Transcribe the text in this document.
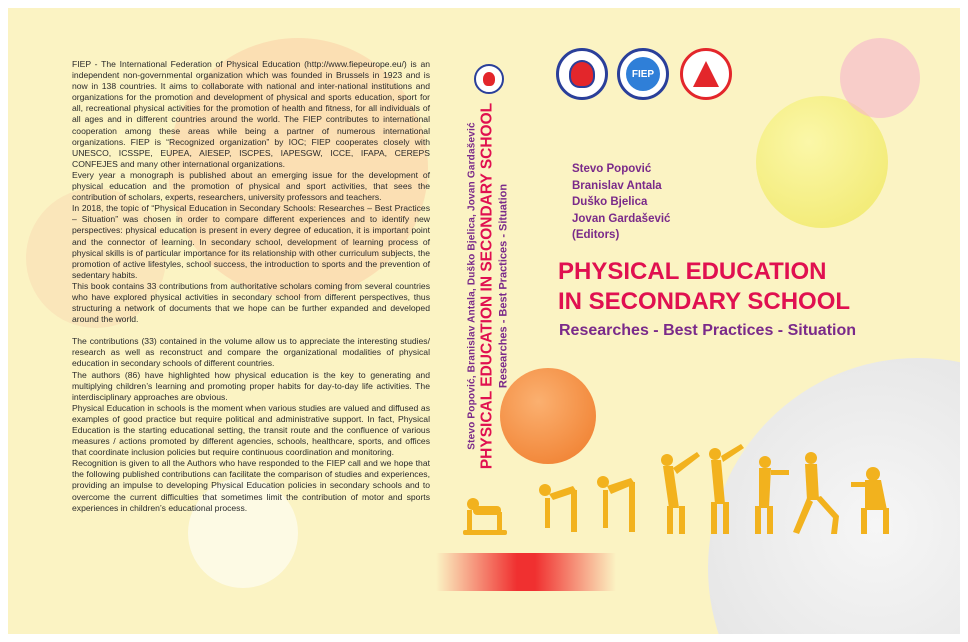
FIEP - The International Federation of Physical Education (http://www.fiepeurope.eu/) is an independent non-governmental organization which was founded in Brussels in 1923 and is now in 138 countries. It aims to collaborate with national and inter-national institutions and organizations for the promotion and development of physical and sports education, sport for all, recreational physical activities for the promotion of health and fitness, for all individuals of all ages and in different countries around the world. The FIEP contributes to international cooperation among these areas while being a partner of numerous international organizations. FIEP is “Recognized organization” by IOC; FIEP cooperates closely with UNESCO, ICSSPE, EUPEA, AIESEP, ISCPES, IAPESGW, ICCE, IFAPA, CEREPS CONFEJES and many other international organizations.

Every year a monograph is published about an emerging issue for the development of physical education and the promotion of physical and sport activities, that sees the contribution of scholars, experts, researchers, university professors and teachers.

In 2018, the topic of “Physical Education in Secondary Schools: Researches – Best Practices – Situation” was chosen in order to compare different experiences and to identify new perspectives: physical education is present in every degree of education, it is important point and the connector of learning. In secondary school, development of learning process of physical skills is of particular importance for its relationship with other curriculum subjects, the promotion of active lifestyles, school success, the introduction to sports and the prevention of sedentary habits.

This book contains 33 contributions from authoritative scholars coming from several countries who have explored physical activities in secondary school from different perspectives, thus structuring a network of documents that we hope can be further expanded and developed around the world.

The contributions (33) contained in the volume allow us to appreciate the interesting studies/ research as well as reconstruct and compare the organizational modalities of physical education in secondary schools of different countries.

The authors (86) have highlighted how physical education is the key to generating and multiplying children’s learning and promoting proper habits for day-to-day life activities. The interdisciplinary approaches are obvious.

Physical Education in schools is the moment when various studies are valued and diffused as examples of good practice but require political and administrative support. In fact, Physical Education is the starting educational setting, the transit route and the confluence of various measures / actions promoted by different agencies, schools, healthcare, sports, and offices that coordinate inclusion policies but require continuous coordination and monitoring.

Recognition is given to all the Authors who have responded to the FIEP call and we hope that the following published contributions can facilitate the comparison of studies and experiences, providing an impulse to developing Physical Education policies in secondary schools and to overcome the current difficulties that sometimes limit the contribution of motor and sports experiences in children’s educational process.

Stevo Popović, Branislav Antala, Duško Bjelica, Jovan Gardašević PHYSICAL EDUCATION IN SECONDARY SCHOOL Researches - Best Practices - Situation
FIEP
Stevo Popović
Branislav Antala
Duško Bjelica
Jovan Gardašević
(Editors)
PHYSICAL EDUCATION
IN SECONDARY SCHOOL
Researches - Best Practices - Situation
